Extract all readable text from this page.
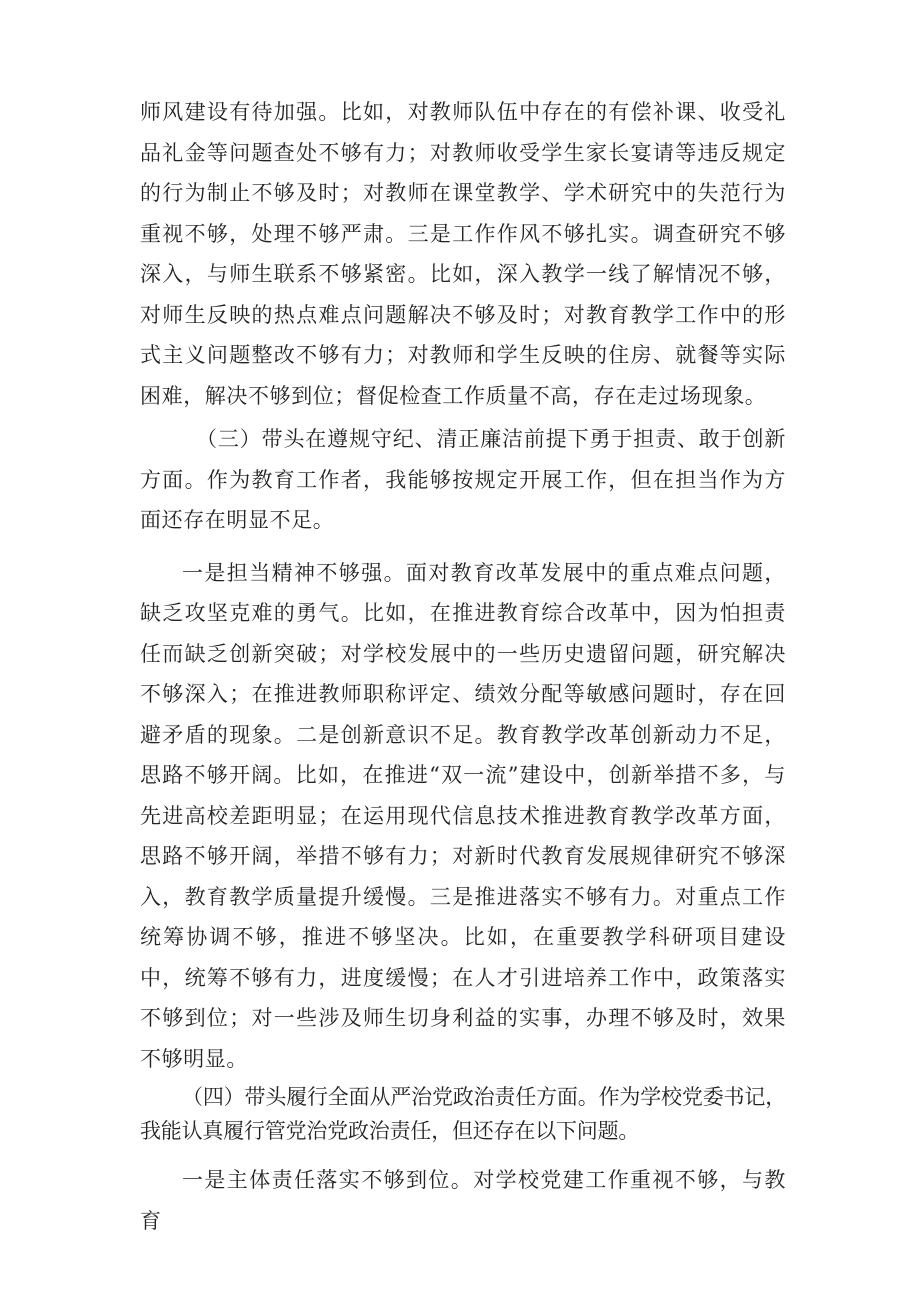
师风建设有待加强。比如，对教师队伍中存在的有偿补课、收受礼品礼金等问题查处不够有力；对教师收受学生家长宴请等违反规定的行为制止不够及时；对教师在课堂教学、学术研究中的失范行为重视不够，处理不够严肃。三是工作作风不够扎实。调查研究不够深入，与师生联系不够紧密。比如，深入教学一线了解情况不够，对师生反映的热点难点问题解决不够及时；对教育教学工作中的形式主义问题整改不够有力；对教师和学生反映的住房、就餐等实际困难，解决不够到位；督促检查工作质量不高，存在走过场现象。

（三）带头在遵规守纪、清正廉洁前提下勇于担责、敢于创新方面。作为教育工作者，我能够按规定开展工作，但在担当作为方面还存在明显不足。

一是担当精神不够强。面对教育改革发展中的重点难点问题，缺乏攻坚克难的勇气。比如，在推进教育综合改革中，因为怕担责任而缺乏创新突破；对学校发展中的一些历史遗留问题，研究解决不够深入；在推进教师职称评定、绩效分配等敏感问题时，存在回避矛盾的现象。二是创新意识不足。教育教学改革创新动力不足，思路不够开阔。比如，在推进“双一流”建设中，创新举措不多，与先进高校差距明显；在运用现代信息技术推进教育教学改革方面，思路不够开阔，举措不够有力；对新时代教育发展规律研究不够深入，教育教学质量提升缓慢。三是推进落实不够有力。对重点工作统筹协调不够，推进不够坚决。比如，在重要教学科研项目建设中，统筹不够有力，进度缓慢；在人才引进培养工作中，政策落实不够到位；对一些涉及师生切身利益的实事，办理不够及时，效果不够明显。

（四）带头履行全面从严治党政治责任方面。作为学校党委书记，我能认真履行管党治党政治责任，但还存在以下问题。

一是主体责任落实不够到位。对学校党建工作重视不够，与教育
